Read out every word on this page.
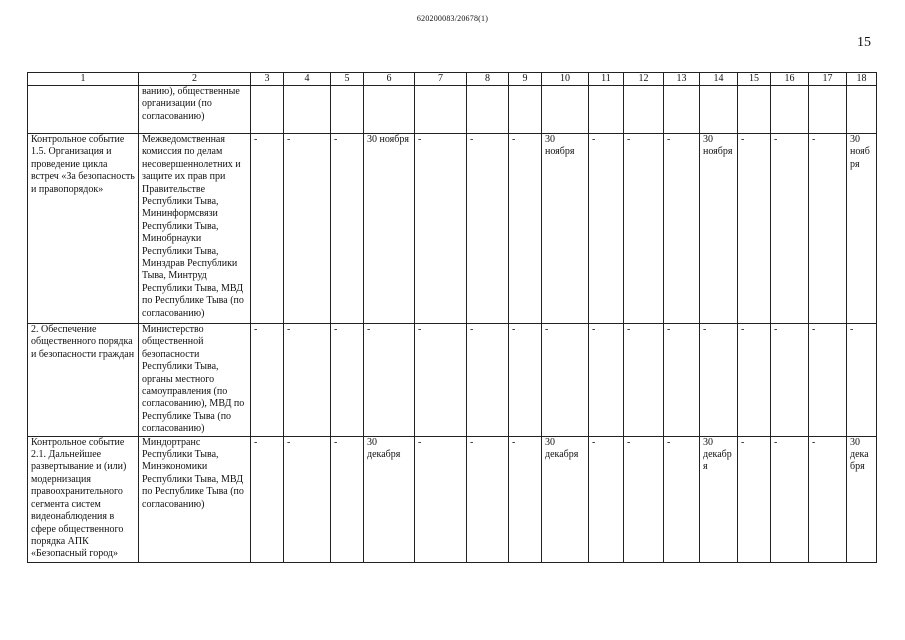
620200083/20678(1)
15
1	2	3	4	5	6	7	8	9	10	11	12	13	14	15	16	17	18
	ванию), общественные организации (по согласованию)																
Контрольное событие 1.5. Организация и проведение цикла встреч «За безопасность и правопорядок»	Межведомственная комиссия по делам несовершеннолетних и защите их прав при Правительстве Республики Тыва, Мининформсвязи Республики Тыва, Минобрнауки Республики Тыва, Минздрав Республики Тыва, Минтруд Республики Тыва, МВД по Республике Тыва (по согласованию)	-	-	-	30 ноября	-	-	-	30 ноября	-	-	-	30 ноября	-	-	-	30 ноября
2. Обеспечение общественного порядка и безопасности граждан	Министерство общественной безопасности Республики Тыва, органы местного самоуправления (по согласованию), МВД по Республике Тыва (по согласованию)	-	-	-	-	-	-	-	-	-	-	-	-	-	-	-	-
Контрольное событие 2.1. Дальнейшее развертывание и (или) модернизация правоохранительного сегмента систем видеонаблюдения в сфере общественного порядка АПК «Безопасный город»	Миндортранс Республики Тыва, Минэкономики Республики Тыва, МВД по Республике Тыва (по согласованию)	-	-	-	30 декабря	-	-	-	30 декабря	-	-	-	30 декабря	-	-	-	30 декабря
